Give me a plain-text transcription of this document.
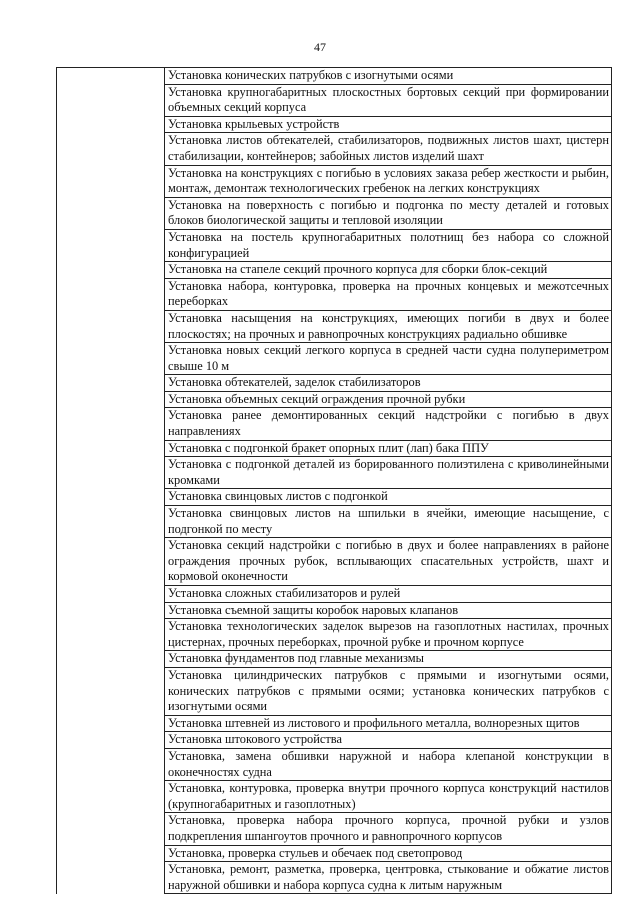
47
	Установка конических патрубков с изогнутыми осями
Установка крупногабаритных плоскостных бортовых секций при формировании объемных секций корпуса
Установка крыльевых устройств
Установка листов обтекателей, стабилизаторов, подвижных листов шахт, цистерн стабилизации, контейнеров; забойных листов изделий шахт
Установка на конструкциях с погибью в условиях заказа ребер жесткости и рыбин, монтаж, демонтаж технологических гребенок на легких конструкциях
Установка на поверхность с погибью и подгонка по месту деталей и готовых блоков биологической защиты и тепловой изоляции
Установка на постель крупногабаритных полотнищ без набора со сложной конфигурацией
Установка на стапеле секций прочного корпуса для сборки блок-секций
Установка набора, контуровка, проверка на прочных концевых и межотсечных переборках
Установка насыщения на конструкциях, имеющих погиби в двух и более плоскостях; на прочных и равнопрочных конструкциях радиально обшивке
Установка новых секций легкого корпуса в средней части судна полупериметром свыше 10 м
Установка обтекателей, заделок стабилизаторов
Установка объемных секций ограждения прочной рубки
Установка ранее демонтированных секций надстройки с погибью в двух направлениях
Установка с подгонкой бракет опорных плит (лап) бака ППУ
Установка с подгонкой деталей из борированного полиэтилена с криволинейными кромками
Установка свинцовых листов с подгонкой
Установка свинцовых листов на шпильки в ячейки, имеющие насыщение, с подгонкой по месту
Установка секций надстройки с погибью в двух и более направлениях в районе ограждения прочных рубок, всплывающих спасательных устройств, шахт и кормовой оконечности
Установка сложных стабилизаторов и рулей
Установка съемной защиты коробок наровых клапанов
Установка технологических заделок вырезов на газоплотных настилах, прочных цистернах, прочных переборках, прочной рубке и прочном корпусе
Установка фундаментов под главные механизмы
Установка цилиндрических патрубков с прямыми и изогнутыми осями, конических патрубков с прямыми осями; установка конических патрубков с изогнутыми осями
Установка штевней из листового и профильного металла, волнорезных щитов
Установка штокового устройства
Установка, замена обшивки наружной и набора клепаной конструкции в оконечностях судна
Установка, контуровка, проверка внутри прочного корпуса конструкций настилов (крупногабаритных и газоплотных)
Установка, проверка набора прочного корпуса, прочной рубки и узлов подкрепления шпангоутов прочного и равнопрочного корпусов
Установка, проверка стульев и обечаек под светопровод
Установка, ремонт, разметка, проверка, центровка, стыкование и обжатие листов наружной обшивки и набора корпуса судна к литым наружным
